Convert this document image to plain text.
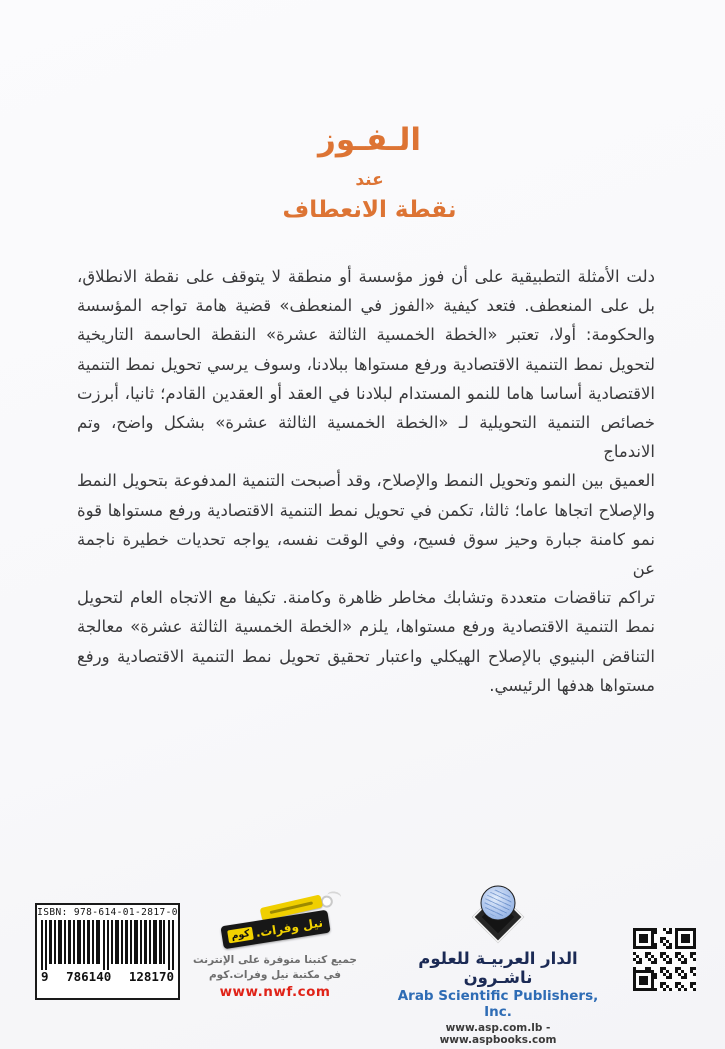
الـفـوز
عند
نقطة الانعطاف
دلت الأمثلة التطبيقية على أن فوز مؤسسة أو منطقة لا يتوقف على نقطة الانطلاق،
بل على المنعطف. فتعد كيفية «الفوز في المنعطف» قضية هامة تواجه المؤسسة
والحكومة: أولا، تعتبر «الخطة الخمسية الثالثة عشرة» النقطة الحاسمة التاريخية
لتحويل نمط التنمية الاقتصادية ورفع مستواها ببلادنا، وسوف يرسي تحويل نمط التنمية
الاقتصادية أساسا هاما للنمو المستدام لبلادنا في العقد أو العقدين القادم؛ ثانيا، أبرزت
خصائص التنمية التحويلية لـ «الخطة الخمسية الثالثة عشرة» بشكل واضح، وتم الاندماج
العميق بين النمو وتحويل النمط والإصلاح، وقد أصبحت التنمية المدفوعة بتحويل النمط
والإصلاح اتجاها عاما؛ ثالثا، تكمن في تحويل نمط التنمية الاقتصادية ورفع مستواها قوة
نمو كامنة جبارة وحيز سوق فسيح، وفي الوقت نفسه، يواجه تحديات خطيرة ناجمة عن
تراكم تناقضات متعددة وتشابك مخاطر ظاهرة وكامنة. تكيفا مع الاتجاه العام لتحويل
نمط التنمية الاقتصادية ورفع مستواها، يلزم «الخطة الخمسية الثالثة عشرة» معالجة
التناقض البنيوي بالإصلاح الهيكلي واعتبار تحقيق تحويل نمط التنمية الاقتصادية ورفع
مستواها هدفها الرئيسي.
ISBN: 978-614-01-2817-0
9 786140 128170
نيل وفرات.
كوم
جميع كتبنا متوفرة على الإنترنت
في مكتبة نيل وفرات.كوم
www.nwf.com
الدار العربيـة للعلوم ناشـرون
Arab Scientific Publishers, Inc.
www.asp.com.lb - www.aspbooks.com
